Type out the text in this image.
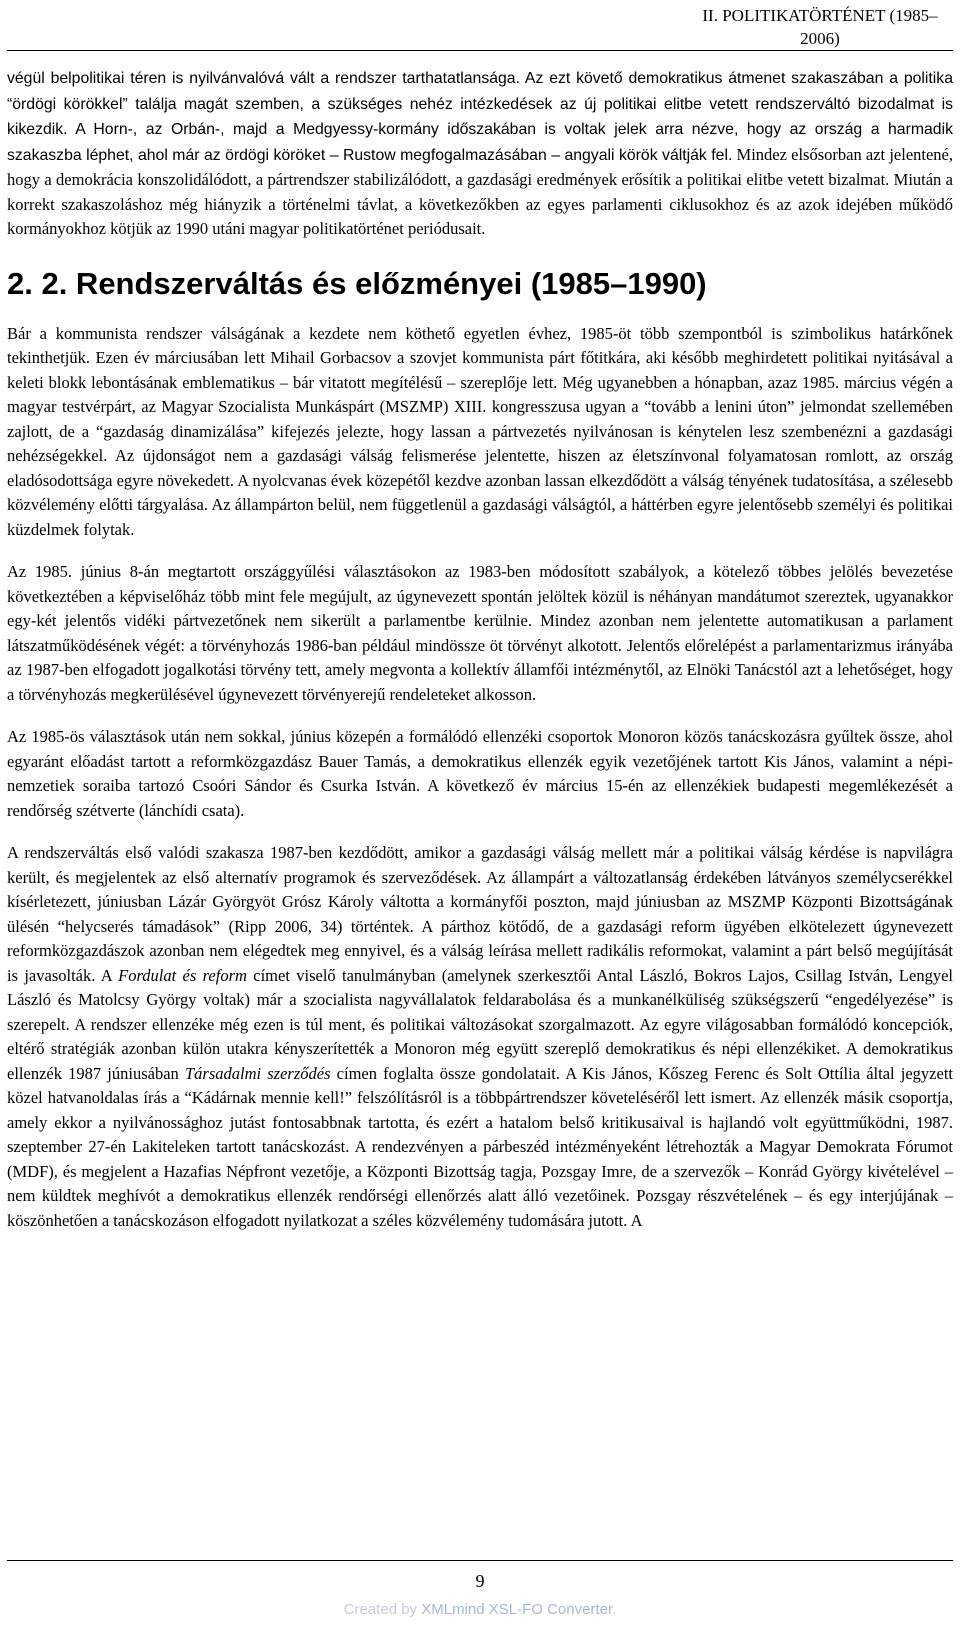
II. POLITIKATÖRTÉNET (1985–2006)

végül belpolitikai téren is nyilvánvalóvá vált a rendszer tarthatatlansága. Az ezt követő demokratikus átmenet szakaszában a politika “ördögi körökkel” találja magát szemben, a szükséges nehéz intézkedések az új politikai elitbe vetett rendszerváltó bizodalmat is kikezdik. A Horn-, az Orbán-, majd a Medgyessy-kormány időszakában is voltak jelek arra nézve, hogy az ország a harmadik szakaszba léphet, ahol már az ördögi köröket – Rustow megfogalmazásában – angyali körök váltják fel. Mindez elsősorban azt jelentené, hogy a demokrácia konszolidálódott, a pártrendszer stabilizálódott, a gazdasági eredmények erősítik a politikai elitbe vetett bizalmat. Miután a korrekt szakaszoláshoz még hiányzik a történelmi távlat, a következőkben az egyes parlamenti ciklusokhoz és az azok idejében működő kormányokhoz kötjük az 1990 utáni magyar politikatörténet periódusait.

2. 2. Rendszerváltás és előzményei (1985–1990)

Bár a kommunista rendszer válságának a kezdete nem köthető egyetlen évhez, 1985-öt több szempontból is szimbolikus határkőnek tekinthetjük. Ezen év márciusában lett Mihail Gorbacsov a szovjet kommunista párt főtitkára, aki később meghirdetett politikai nyitásával a keleti blokk lebontásának emblematikus – bár vitatott megítélésű – szereplője lett. Még ugyanebben a hónapban, azaz 1985. március végén a magyar testvérpárt, az Magyar Szocialista Munkáspárt (MSZMP) XIII. kongresszusa ugyan a “tovább a lenini úton” jelmondat szellemében zajlott, de a “gazdaság dinamizálása” kifejezés jelezte, hogy lassan a pártvezetés nyilvánosan is kénytelen lesz szembenézni a gazdasági nehézségekkel. Az újdonságot nem a gazdasági válság felismerése jelentette, hiszen az életszínvonal folyamatosan romlott, az ország eladósodottsága egyre növekedett. A nyolcvanas évek közepétől kezdve azonban lassan elkezdődött a válság tényének tudatosítása, a szélesebb közvélemény előtti tárgyalása. Az állampárton belül, nem függetlenül a gazdasági válságtól, a háttérben egyre jelentősebb személyi és politikai küzdelmek folytak.

Az 1985. június 8-án megtartott országgyűlési választásokon az 1983-ben módosított szabályok, a kötelező többes jelölés bevezetése következtében a képviselőház több mint fele megújult, az úgynevezett spontán jelöltek közül is néhányan mandátumot szereztek, ugyanakkor egy-két jelentős vidéki pártvezetőnek nem sikerült a parlamentbe kerülnie. Mindez azonban nem jelentette automatikusan a parlament látszatműködésének végét: a törvényhozás 1986-ban például mindössze öt törvényt alkotott. Jelentős előrelépést a parlamentarizmus irányába az 1987-ben elfogadott jogalkotási törvény tett, amely megvonta a kollektív államfői intézménytől, az Elnöki Tanácstól azt a lehetőséget, hogy a törvényhozás megkerülésével úgynevezett törvényerejű rendeleteket alkosson.

Az 1985-ös választások után nem sokkal, június közepén a formálódó ellenzéki csoportok Monoron közös tanácskozásra gyűltek össze, ahol egyaránt előadást tartott a reformközgazdász Bauer Tamás, a demokratikus ellenzék egyik vezetőjének tartott Kis János, valamint a népi-nemzetiek soraiba tartozó Csoóri Sándor és Csurka István. A következő év március 15-én az ellenzékiek budapesti megemlékezését a rendőrség szétverte (lánchídi csata).

A rendszerváltás első valódi szakasza 1987-ben kezdődött, amikor a gazdasági válság mellett már a politikai válság kérdése is napvilágra került, és megjelentek az első alternatív programok és szerveződések. Az állampárt a változatlanság érdekében látványos személycserékkel kísérletezett, júniusban Lázár Györgyöt Grósz Károly váltotta a kormányfői poszton, majd júniusban az MSZMP Központi Bizottságának ülésén “helycserés támadások” (Ripp 2006, 34) történtek. A párthoz kötődő, de a gazdasági reform ügyében elkötelezett úgynevezett reformközgazdászok azonban nem elégedtek meg ennyivel, és a válság leírása mellett radikális reformokat, valamint a párt belső megújítását is javasolták. A Fordulat és reform címet viselő tanulmányban (amelynek szerkesztői Antal László, Bokros Lajos, Csillag István, Lengyel László és Matolcsy György voltak) már a szocialista nagyvállalatok feldarabolása és a munkanélküliség szükségszerű “engedélyezése” is szerepelt. A rendszer ellenzéke még ezen is túl ment, és politikai változásokat szorgalmazott. Az egyre világosabban formálódó koncepciók, eltérő stratégiák azonban külön utakra kényszerítették a Monoron még együtt szereplő demokratikus és népi ellenzékiket. A demokratikus ellenzék 1987 júniusában Társadalmi szerződés címen foglalta össze gondolatait. A Kis János, Kőszeg Ferenc és Solt Ottília által jegyzett közel hatvanoldalas írás a “Kádárnak mennie kell!” felszólításról is a többpártrendszer követeléséről lett ismert. Az ellenzék másik csoportja, amely ekkor a nyilvánossághoz jutást fontosabbnak tartotta, és ezért a hatalom belső kritikusaival is hajlandó volt együttműködni, 1987. szeptember 27-én Lakiteleken tartott tanácskozást. A rendezvényen a párbeszéd intézményeként létrehozták a Magyar Demokrata Fórumot (MDF), és megjelent a Hazafias Népfront vezetője, a Központi Bizottság tagja, Pozsgay Imre, de a szervezők – Konrád György kivételével – nem küldtek meghívót a demokratikus ellenzék rendőrségi ellenőrzés alatt álló vezetőinek. Pozsgay részvételének – és egy interjújának – köszönhetően a tanácskozáson elfogadott nyilatkozat a széles közvélemény tudomására jutott. A

9
Created by XMLmind XSL-FO Converter.
